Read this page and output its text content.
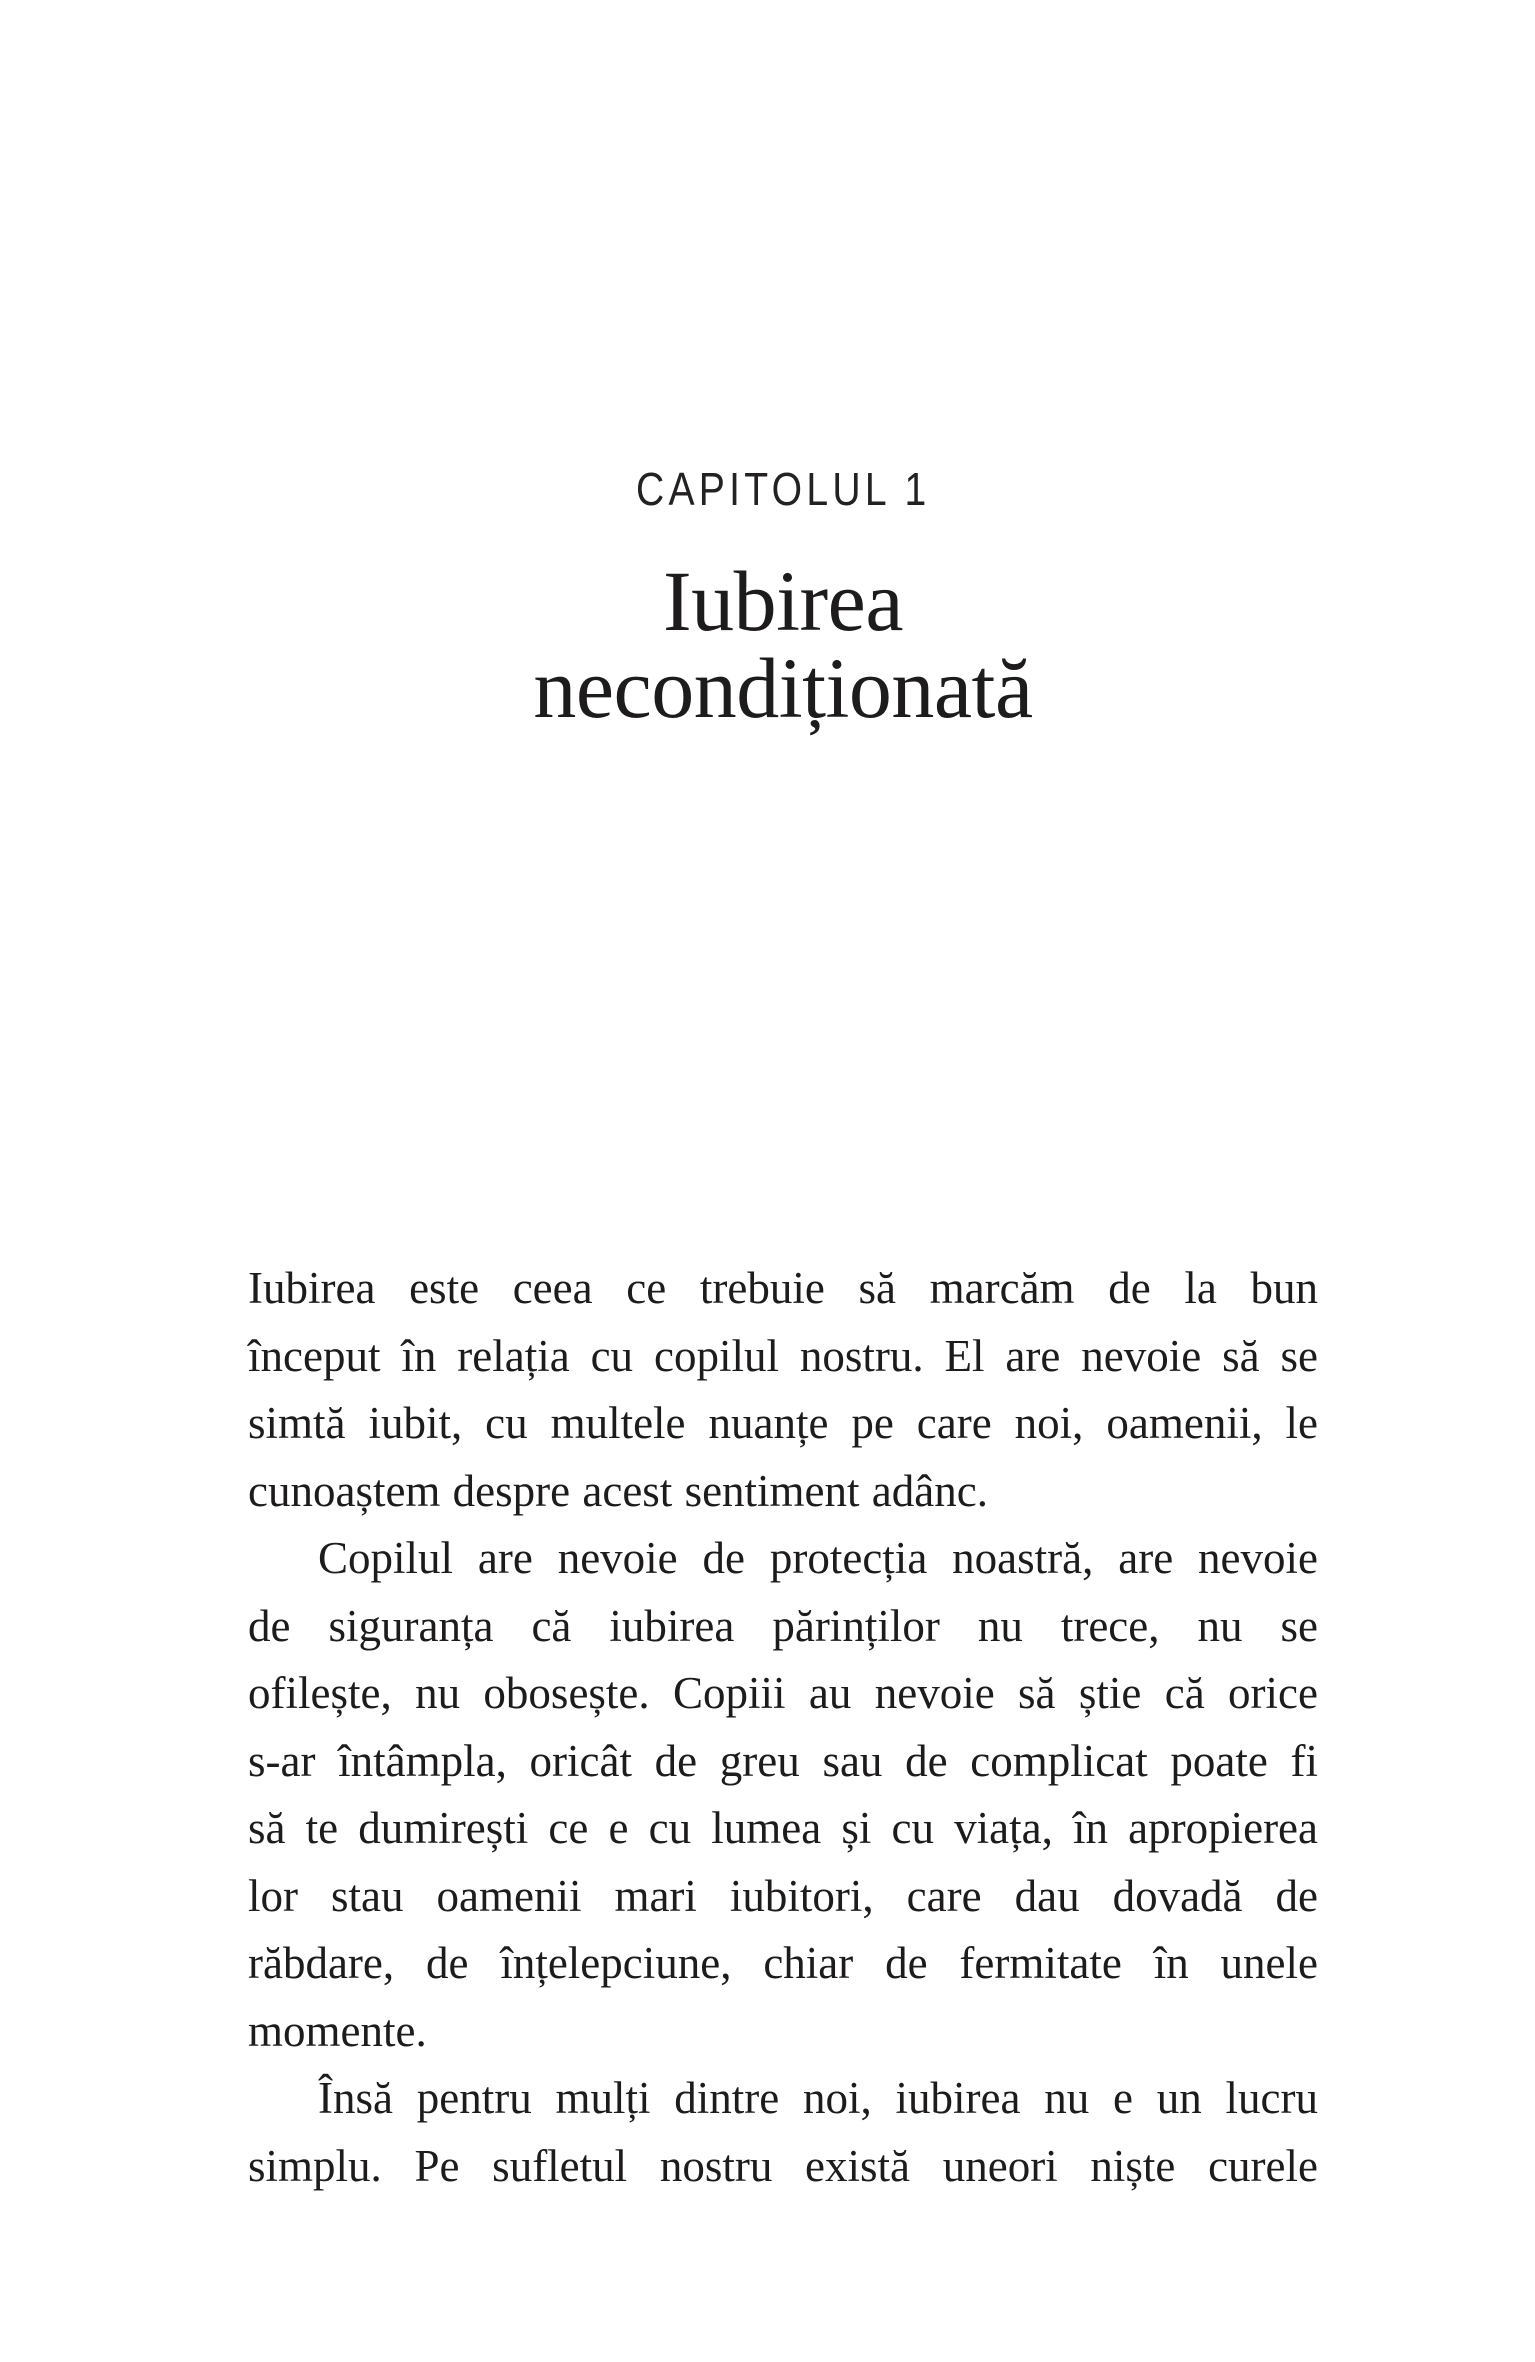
CAPITOLUL 1
Iubirea
necondiționată
Iubirea este ceea ce trebuie să marcăm de la bun
început în relația cu copilul nostru. El are nevoie să se
simtă iubit, cu multele nuanțe pe care noi, oamenii, le
cunoaștem despre acest sentiment adânc.
Copilul are nevoie de protecția noastră, are nevoie
de siguranța că iubirea părinților nu trece, nu se
ofilește, nu obosește. Copiii au nevoie să știe că orice
s-ar întâmpla, oricât de greu sau de complicat poate fi
să te dumirești ce e cu lumea și cu viața, în apropierea
lor stau oamenii mari iubitori, care dau dovadă de
răbdare, de înțelepciune, chiar de fermitate în unele
momente.
Însă pentru mulți dintre noi, iubirea nu e un lucru
simplu. Pe sufletul nostru există uneori niște curele
